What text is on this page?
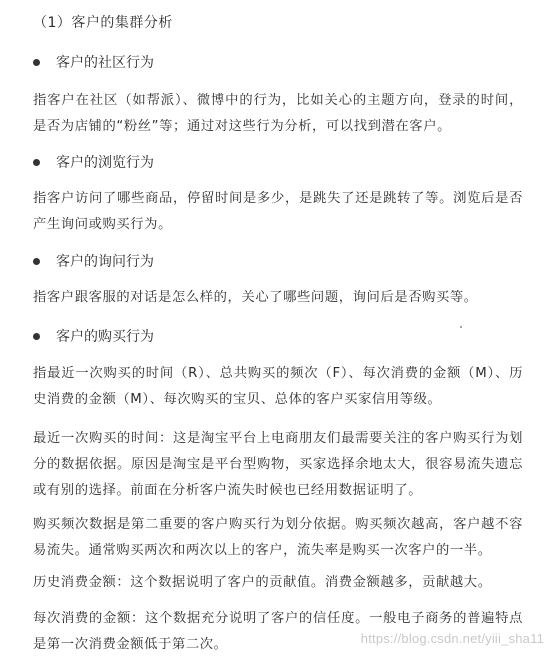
（1）客户的集群分析
客户的社区行为
指客户在社区（如帮派）、微博中的行为，比如关心的主题方向，登录的时间，是否为店铺的“粉丝”等；通过对这些行为分析，可以找到潜在客户。
客户的浏览行为
指客户访问了哪些商品，停留时间是多少，是跳失了还是跳转了等。浏览后是否产生询问或购买行为。
客户的询问行为
指客户跟客服的对话是怎么样的，关心了哪些问题，询问后是否购买等。
客户的购买行为
指最近一次购买的时间（R）、总共购买的频次（F）、每次消费的金额（M）、历史消费的金额（M）、每次购买的宝贝、总体的客户买家信用等级。
最近一次购买的时间：这是淘宝平台上电商朋友们最需要关注的客户购买行为划分的数据依据。原因是淘宝是平台型购物，买家选择余地太大，很容易流失遗忘或有别的选择。前面在分析客户流失时候也已经用数据证明了。
购买频次数据是第二重要的客户购买行为划分依据。购买频次越高，客户越不容易流失。通常购买两次和两次以上的客户，流失率是购买一次客户的一半。
历史消费金额：这个数据说明了客户的贡献值。消费金额越多，贡献越大。
每次消费的金额：这个数据充分说明了客户的信任度。一般电子商务的普遍特点是第一次消费金额低于第二次。	https://blog.csdn.net/yiii_sha11
